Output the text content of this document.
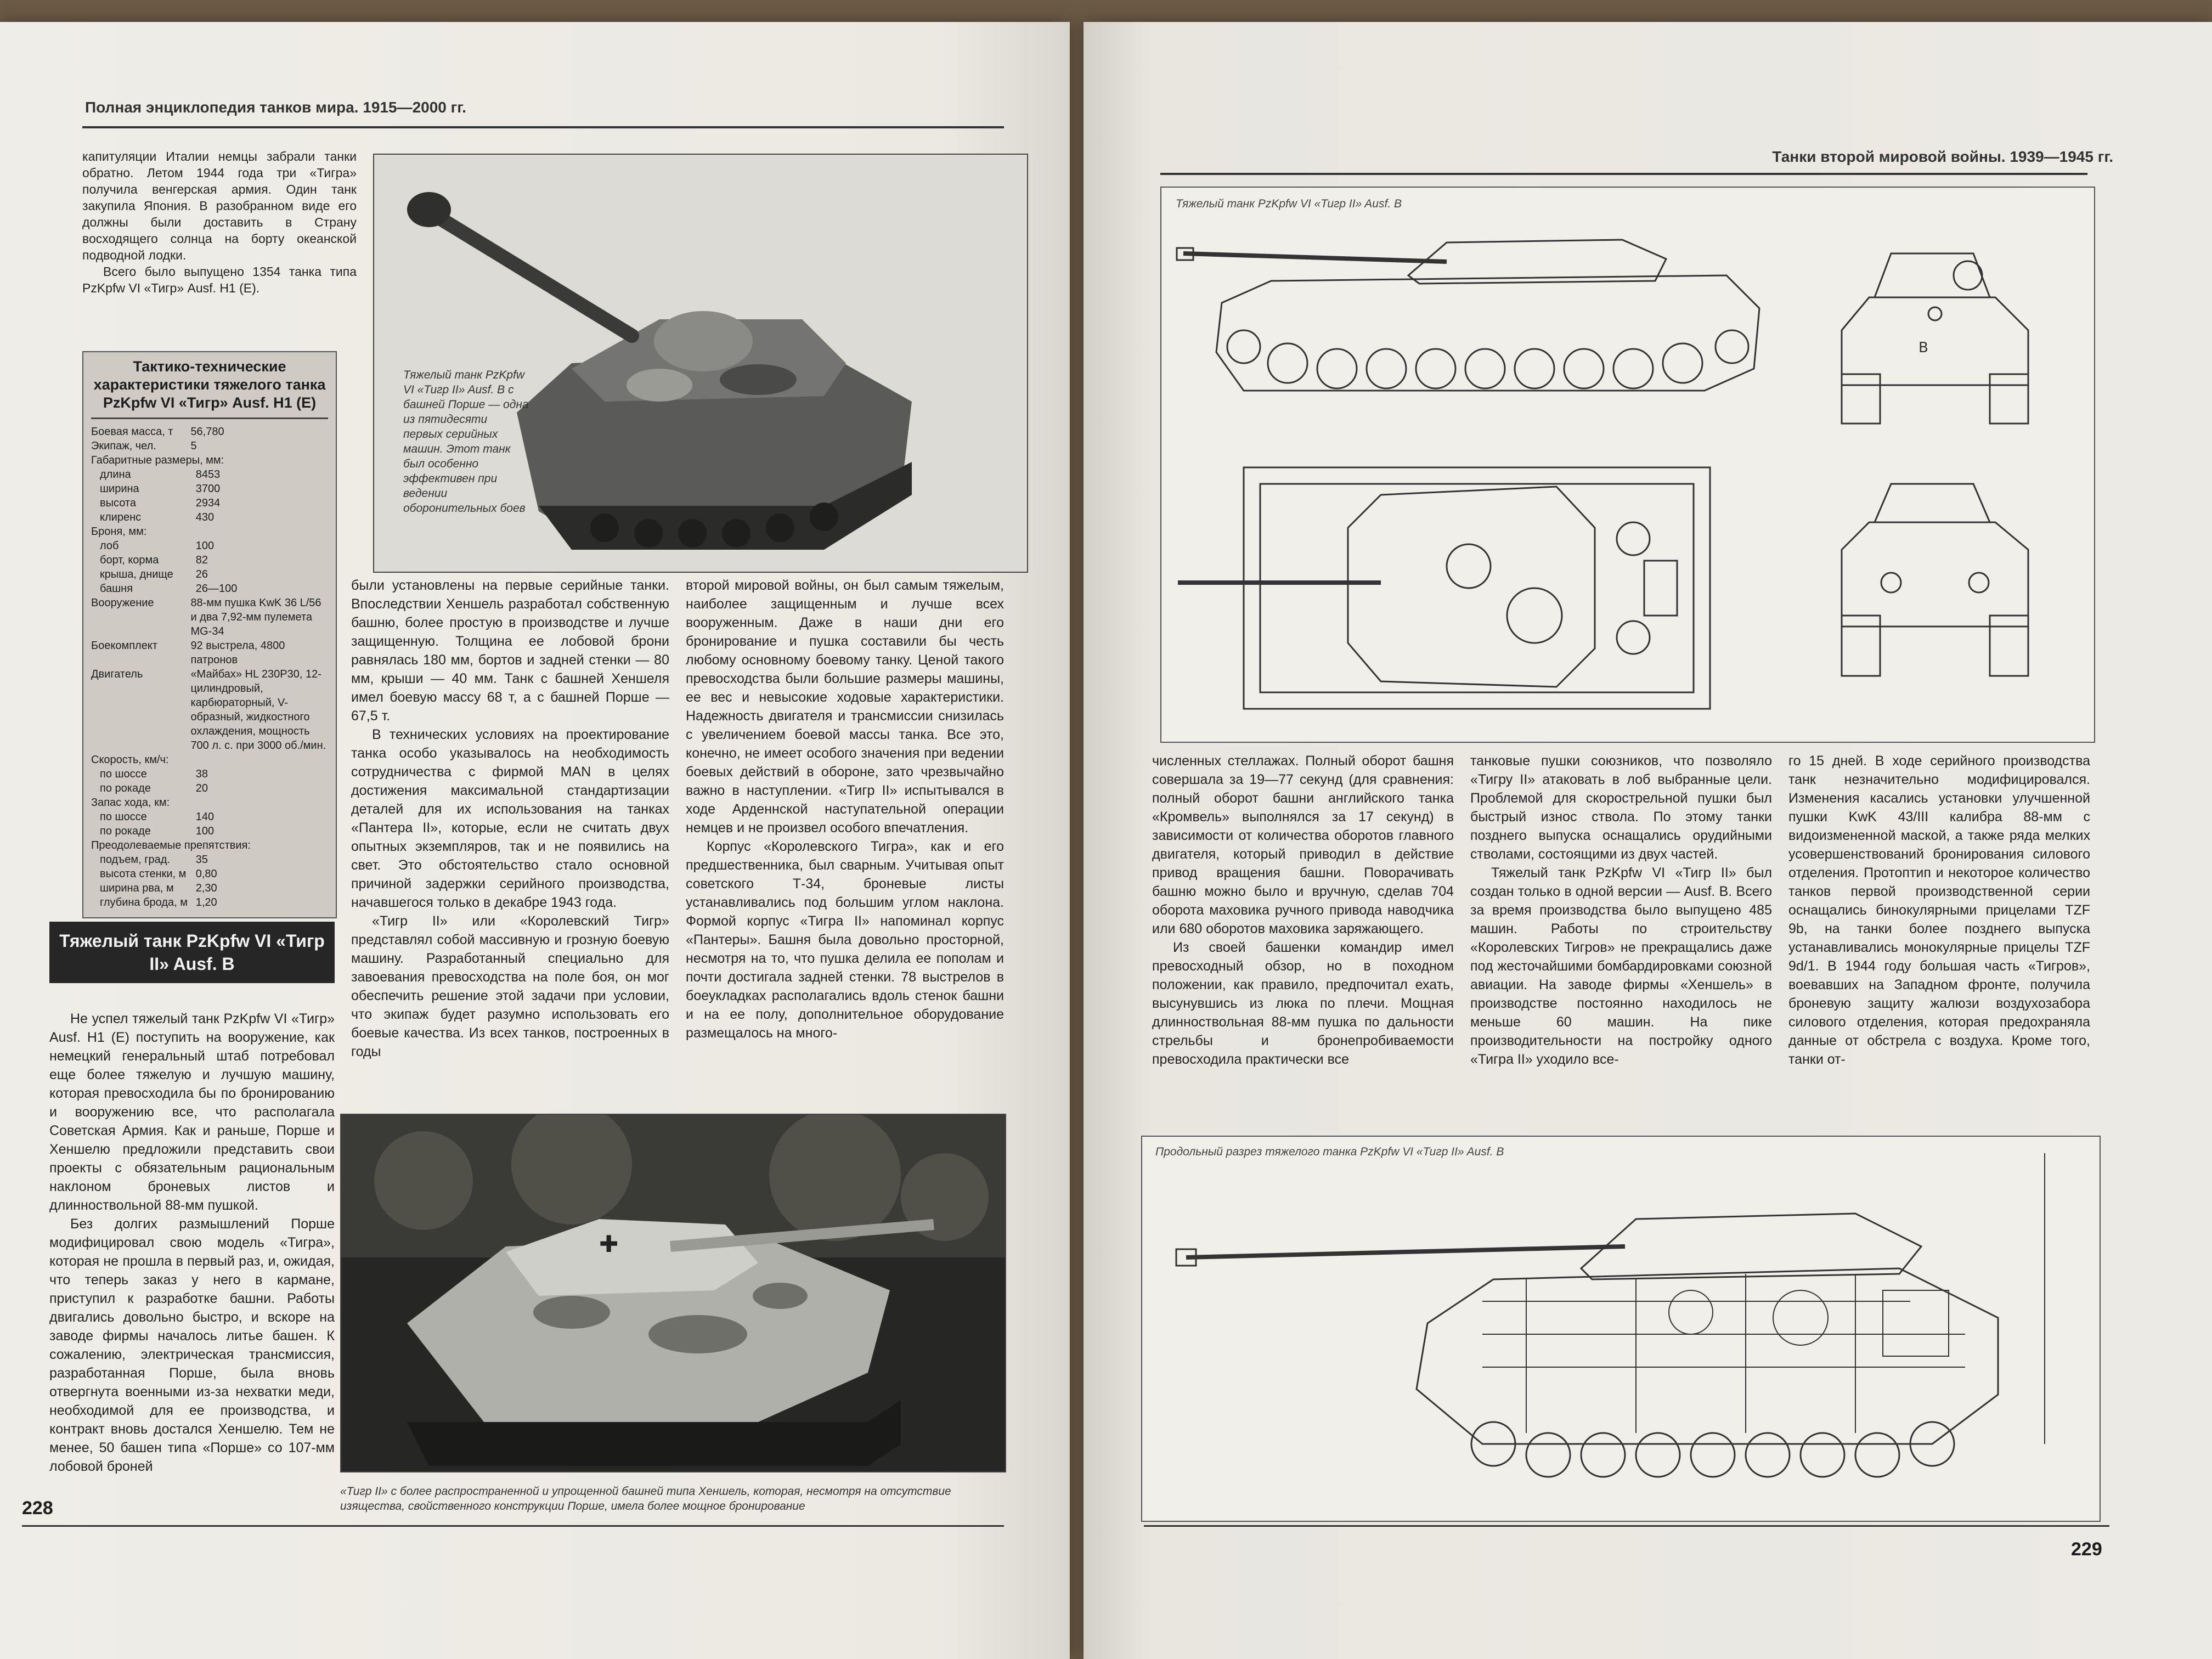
Полная энциклопедия танков мира. 1915—2000 гг.

капитуляции Италии немцы забрали танки обратно. Летом 1944 года три «Тигра» получила венгерская армия. Один танк закупила Япония. В разобранном виде его должны были доставить в Страну восходящего солнца на борту океанской подводной лодки.

Всего было выпущено 1354 танка типа PzKpfw VI «Тигр» Ausf. H1 (E).

Тяжелый танк PzKpfw VI «Тигр II» Ausf. B с башней Порше — одна из пятидесяти первых серийных машин. Этот танк был особенно эффективен при ведении оборонительных боев
Тактико-технические характеристики тяжелого танка PzKpfw VI «Тигр» Ausf. H1 (E)
Боевая масса, т	56,780
Экипаж, чел.	5
Габаритные размеры, мм:
длина	8453
ширина	3700
высота	2934
клиренс	430
Броня, мм:
лоб	100
борт, корма	82
крыша, днище	26
башня	26—100
Вооружение	88-мм пушка KwK 36 L/56 и два 7,92-мм пулемета MG-34
Боекомплект	92 выстрела, 4800 патронов
Двигатель	«Майбах» HL 230P30, 12-цилиндровый, карбюраторный, V-образный, жидкостного охлаждения, мощность 700 л. с. при 3000 об./мин.
Скорость, км/ч:
по шоссе	38
по рокаде	20
Запас хода, км:
по шоссе	140
по рокаде	100
Преодолеваемые препятствия:
подъем, град.	35
высота стенки, м 0,80
ширина рва, м	2,30
глубина брода, м 1,20
Тяжелый танк PzKpfw VI «Тигр II» Ausf. B

Не успел тяжелый танк PzKpfw VI «Тигр» Ausf. H1 (E) поступить на вооружение, как немецкий генеральный штаб потребовал еще более тяжелую и лучшую машину, которая превосходила бы по бронированию и вооружению все, что располагала Советская Армия. Как и раньше, Порше и Хеншелю предложили представить свои проекты с обязательным рациональным наклоном броневых листов и длинноствольной 88-мм пушкой.

Без долгих размышлений Порше модифицировал свою модель «Тигра», которая не прошла в первый раз, и, ожидая, что теперь заказ у него в кармане, приступил к разработке башни. Работы двигались довольно быстро, и вскоре на заводе фирмы началось литье башен. К сожалению, электрическая трансмиссия, разработанная Порше, была вновь отвергнута военными из-за нехватки меди, необходимой для ее производства, и контракт вновь достался Хеншелю. Тем не менее, 50 башен типа «Порше» со 107-мм лобовой броней

были установлены на первые серийные танки. Впоследствии Хеншель разработал собственную башню, более простую в производстве и лучше защищенную. Толщина ее лобовой брони равнялась 180 мм, бортов и задней стенки — 80 мм, крыши — 40 мм. Танк с башней Хеншеля имел боевую массу 68 т, а с башней Порше — 67,5 т.

В технических условиях на проектирование танка особо указывалось на необходимость сотрудничества с фирмой MAN в целях достижения максимальной стандартизации деталей для их использования на танках «Пантера II», которые, если не считать двух опытных экземпляров, так и не появились на свет. Это обстоятельство стало основной причиной задержки серийного производства, начавшегося только в декабре 1943 года.

«Тигр II» или «Королевский Тигр» представлял собой массивную и грозную боевую машину. Разработанный специально для завоевания превосходства на поле боя, он мог обеспечить решение этой задачи при условии, что экипаж будет разумно использовать его боевые качества. Из всех танков, построенных в годы

второй мировой войны, он был самым тяжелым, наиболее защищенным и лучше всех вооруженным. Даже в наши дни его бронирование и пушка составили бы честь любому основному боевому танку. Ценой такого превосходства были большие размеры машины, ее вес и невысокие ходовые характеристики. Надежность двигателя и трансмиссии снизилась с увеличением боевой массы танка. Все это, конечно, не имеет особого значения при ведении боевых действий в обороне, зато чрезвычайно важно в наступлении. «Тигр II» испытывался в ходе Арденнской наступательной операции немцев и не произвел особого впечатления.

Корпус «Королевского Тигра», как и его предшественника, был сварным. Учитывая опыт советского Т-34, броневые листы устанавливались под большим углом наклона. Формой корпус «Тигра II» напоминал корпус «Пантеры». Башня была довольно просторной, несмотря на то, что пушка делила ее пополам и почти достигала задней стенки. 78 выстрелов в боеукладках располагались вдоль стенок башни и на ее полу, дополнительное оборудование размещалось на много-

✚
«Тигр II» с более распространенной и упрощенной башней типа Хеншель, которая, несмотря на отсутствие изящества, свойственного конструкции Порше, имела более мощное бронирование
228
Танки второй мировой войны. 1939—1945 гг.
Тяжелый танк PzKpfw VI «Тигр II» Ausf. B
B

численных стеллажах. Полный оборот башня совершала за 19—77 секунд (для сравнения: полный оборот башни английского танка «Кромвель» выполнялся за 17 секунд) в зависимости от количества оборотов главного двигателя, который приводил в действие привод вращения башни. Поворачивать башню можно было и вручную, сделав 704 оборота маховика ручного привода наводчика или 680 оборотов маховика заряжающего.

Из своей башенки командир имел превосходный обзор, но в походном положении, как правило, предпочитал ехать, высунувшись из люка по плечи. Мощная длинноствольная 88-мм пушка по дальности стрельбы и бронепробиваемости превосходила практически все

танковые пушки союзников, что позволяло «Тигру II» атаковать в лоб выбранные цели. Проблемой для скорострельной пушки был быстрый износ ствола. По этому танки позднего выпуска оснащались орудийными стволами, состоящими из двух частей.

Тяжелый танк PzKpfw VI «Тигр II» был создан только в одной версии — Ausf. B. Всего за время производства было выпущено 485 машин. Работы по строительству «Королевских Тигров» не прекращались даже под жесточайшими бомбардировками союзной авиации. На заводе фирмы «Хеншель» в производстве постоянно находилось не меньше 60 машин. На пике производительности на постройку одного «Тигра II» уходило все-

го 15 дней. В ходе серийного производства танк незначительно модифицировался. Изменения касались установки улучшенной пушки KwK 43/III калибра 88-мм с видоизмененной маской, а также ряда мелких усовершенствований бронирования силового отделения. Протоптип и некоторое количество танков первой производственной серии оснащались бинокулярными прицелами TZF 9b, на танки более позднего выпуска устанавливались монокулярные прицелы TZF 9d/1. В 1944 году большая часть «Тигров», воевавших на Западном фронте, получила броневую защиту жалюзи воздухозабора силового отделения, которая предохраняла данные от обстрела с воздуха. Кроме того, танки от-

Продольный разрез тяжелого танка PzKpfw VI «Тигр II» Ausf. B
229
